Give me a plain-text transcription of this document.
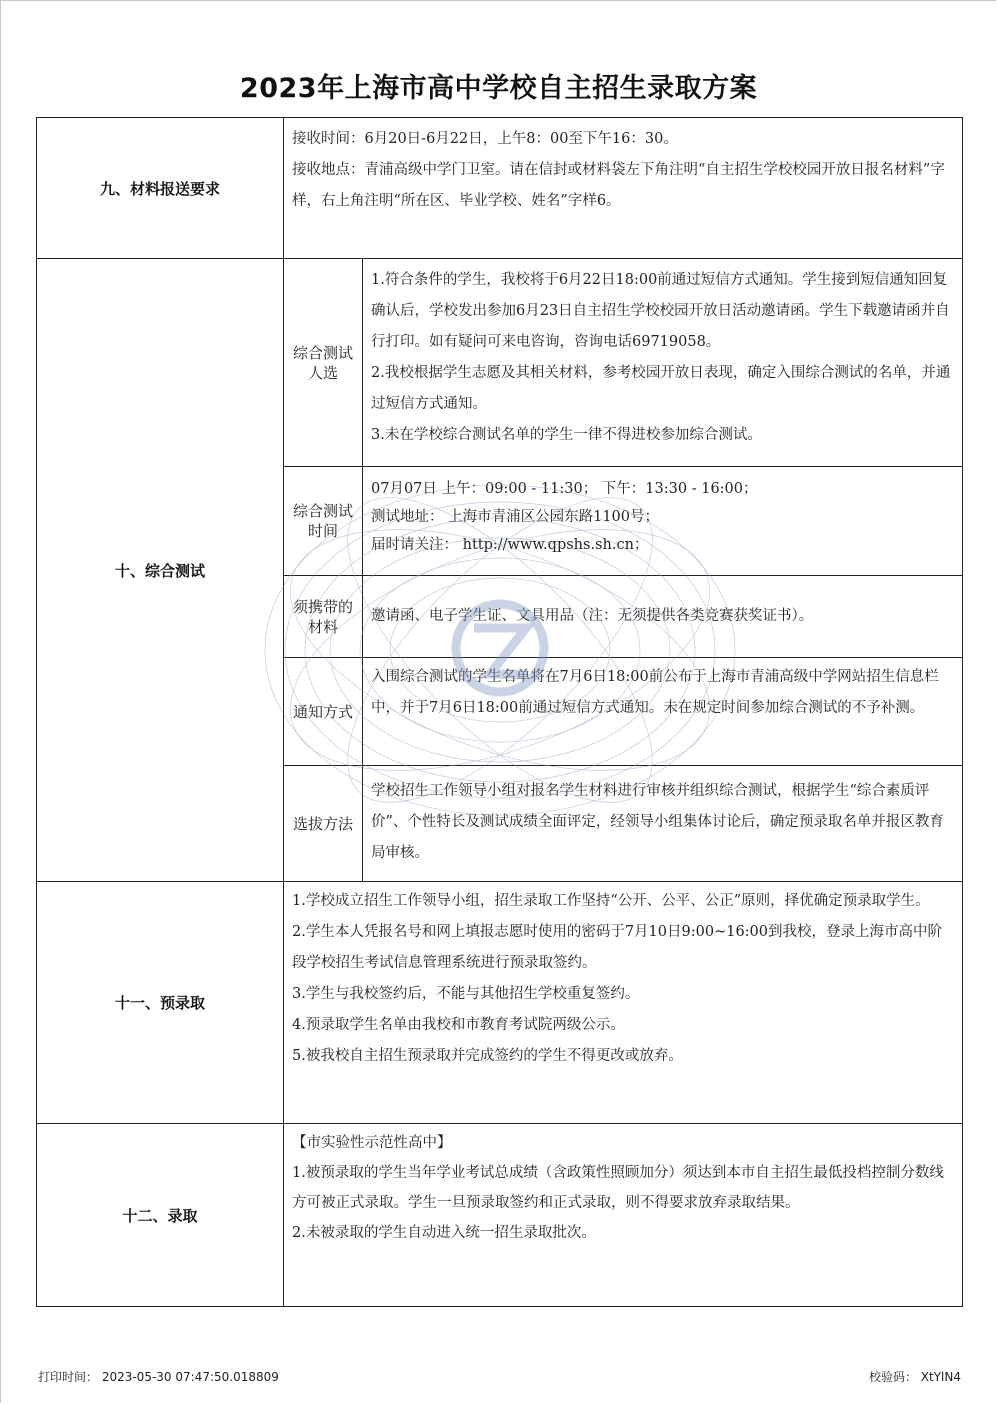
2023年上海市高中学校自主招生录取方案
九、材料报送要求	接收时间：6月20日-6月22日，上午8：00至下午16：30。

接收地点：青浦高级中学门卫室。请在信封或材料袋左下角注明“自主招生学校校园开放日报名材料”字样，右上角注明“所在区、毕业学校、姓名”字样6。	

十、综合测试	综合测试人选	1.符合条件的学生，我校将于6月22日18:00前通过短信方式通知。学生接到短信通知回复确认后，学校发出参加6月23日自主招生学校校园开放日活动邀请函。学生下载邀请函并自行打印。如有疑问可来电咨询，咨询电话69719058。

2.我校根据学生志愿及其相关材料，参考校园开放日表现，确定入围综合测试的名单，并通过短信方式通知。

3.未在学校综合测试名单的学生一律不得进校参加综合测试。

	综合测试时间	07月07日 上午：09:00 - 11:30； 下午：13:30 - 16:00；

测试地址： 上海市青浦区公园东路1100号；

届时请关注： http://www.qpshs.sh.cn；

	须携带的材料	邀请函、电子学生证、文具用品（注：无须提供各类竞赛获奖证书）。

	通知方式	入围综合测试的学生名单将在7月6日18:00前公布于上海市青浦高级中学网站招生信息栏中，并于7月6日18:00前通过短信方式通知。未在规定时间参加综合测试的不予补测。

	选拔方法	学校招生工作领导小组对报名学生材料进行审核并组织综合测试，根据学生“综合素质评价”、个性特长及测试成绩全面评定，经领导小组集体讨论后，确定预录取名单并报区教育局审核。

十一、预录取	1.学校成立招生工作领导小组，招生录取工作坚持“公开、公平、公正”原则，择优确定预录取学生。

2.学生本人凭报名号和网上填报志愿时使用的密码于7月10日9:00~16:00到我校，登录上海市高中阶段学校招生考试信息管理系统进行预录取签约。

3.学生与我校签约后，不能与其他招生学校重复签约。

4.预录取学生名单由我校和市教育考试院两级公示。

5.被我校自主招生预录取并完成签约的学生不得更改或放弃。	

十二、录取	【市实验性示范性高中】

1.被预录取的学生当年学业考试总成绩（含政策性照顾加分）须达到本市自主招生最低投档控制分数线方可被正式录取。学生一旦预录取签约和正式录取，则不得要求放弃录取结果。

2.未被录取的学生自动进入统一招生录取批次。	

打印时间： 2023-05-30 07:47:50.018809	校验码： XtYlN4
